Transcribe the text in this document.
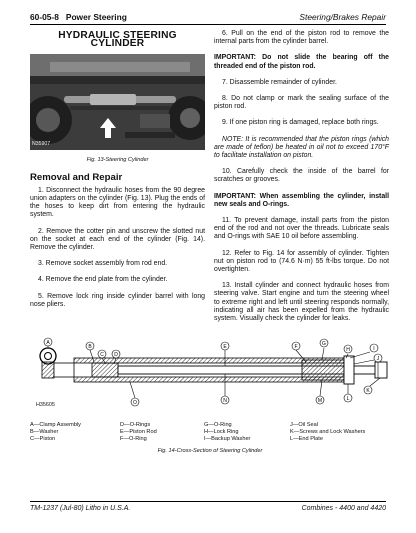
60-05-8 Power Steering	Steering/Brakes Repair
HYDRAULIC STEERING CYLINDER
N35907
Fig. 13-Steering Cylinder
Removal and Repair

1. Disconnect the hydraulic hoses from the 90 degree union adapters on the cylinder (Fig. 13). Plug the ends of the hoses to keep dirt from entering the hydraulic system.

2. Remove the cotter pin and unscrew the slotted nut on the socket at each end of the cylinder (Fig. 14). Remove the cylinder.

3. Remove socket assembly from rod end.

4. Remove the end plate from the cylinder.

5. Remove lock ring inside cylinder barrel with long nose pliers.

6. Pull on the end of the piston rod to remove the internal parts from the cylinder barrel.

IMPORTANT: Do not slide the bearing off the threaded end of the piston rod.

7. Disassemble remainder of cylinder.

8. Do not clamp or mark the sealing surface of the piston rod.

9. If one piston ring is damaged, replace both rings.

NOTE: It is recommended that the piston rings (which are made of teflon) be heated in oil not to exceed 170°F to facilitate installation on piston.

10. Carefully check the inside of the barrel for scratches or grooves.

IMPORTANT: When assembling the cylinder, install new seals and O-rings.

11. To prevent damage, install parts from the piston end of the rod and not over the threads. Lubricate seals and O-rings with SAE 10 oil before assembling.

12. Refer to Fig. 14 for assembly of cylinder. Tighten nut on piston rod to (74.6 N·m) 55 ft-lbs torque. Do not overtighten.

13. Install cylinder and connect hydraulic hoses from steering valve. Start engine and turn the steering wheel to extreme right and left until steering responds normally, indicating all air has been expelled from the hydraulic system. Visually check the cylinder for leaks.

A
B
C D
E	F	G
H	I
J
K
L
M
N
O
H35605
A—Clamp Assembly
B—Washer
C—Piston
D—O-Rings
E—Piston Rod
F—O-Ring
G—O-Ring
H—Lock Ring
I—Backup Washer
J—Oil Seal
K—Screws and Lock Washers
L—End Plate
Fig. 14-Cross-Section of Steering Cylinder
TM-1237 (Jul-80) Litho in U.S.A.	Combines - 4400 and 4420
